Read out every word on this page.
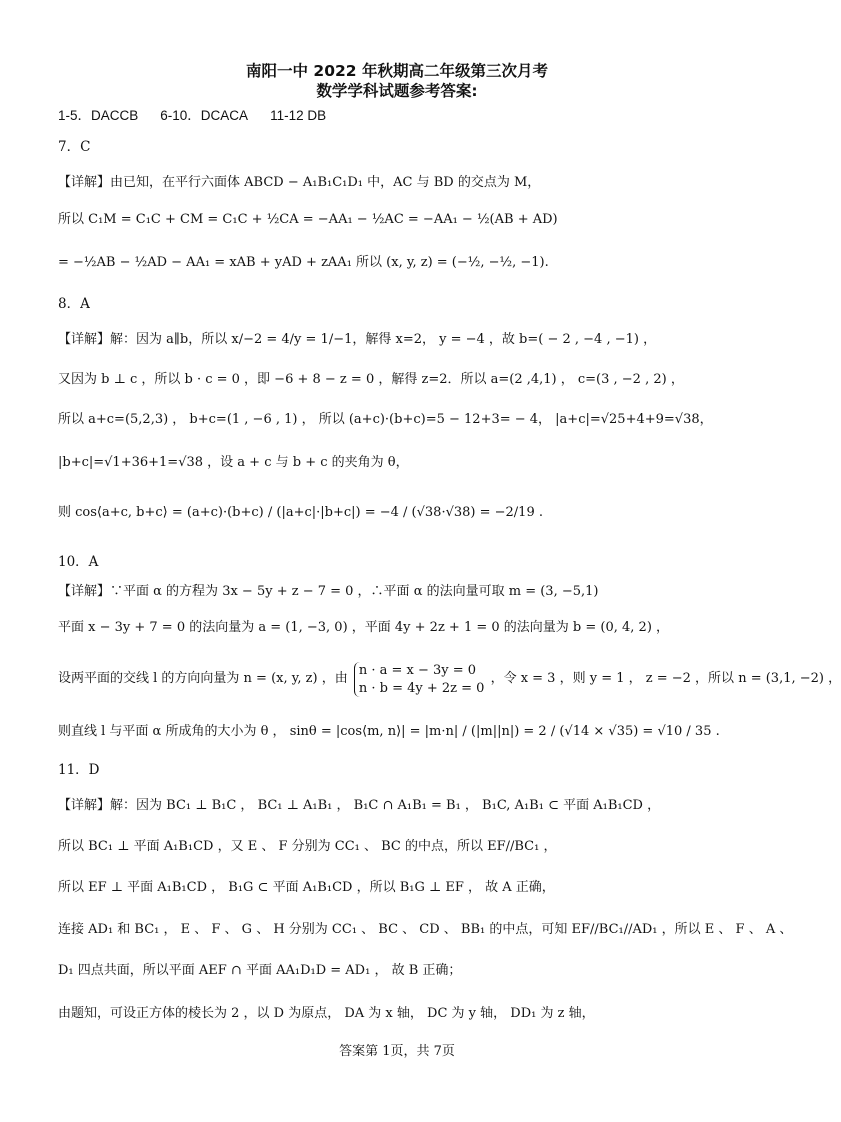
南阳一中 2022 年秋期高二年级第三次月考
数学学科试题参考答案:
1-5．DACCB 6-10．DCACA 11-12 DB
7．C
【详解】由已知，在平行六面体 ABCD − A₁B₁C₁D₁ 中，AC 与 BD 的交点为 M，
所以 C₁M = C₁C + CM = C₁C + ½CA = −AA₁ − ½AC = −AA₁ − ½(AB + AD)
= −½AB − ½AD − AA₁ = xAB + yAD + zAA₁ 所以 (x, y, z) = (−½, −½, −1).
8．A
【详解】解：因为 a∥b，所以 x/−2 = 4/y = 1/−1，解得 x=2， y = −4 ，故 b=( − 2 , −4 , −1) ，
又因为 b ⊥ c ，所以 b · c = 0 ，即 −6 + 8 − z = 0 ，解得 z=2．所以 a=(2 ,4,1) ， c=(3 , −2 , 2) ，
所以 a+c=(5,2,3) ， b+c=(1 , −6 , 1) ， 所以 (a+c)·(b+c)=5 − 12+3= − 4， |a+c|=√25+4+9=√38，
|b+c|=√1+36+1=√38 ，设 a + c 与 b + c 的夹角为 θ，
则 cos⟨a+c, b+c⟩ = (a+c)·(b+c) / (|a+c|·|b+c|) = −4 / (√38·√38) = −2/19 .
10．A
【详解】∵平面 α 的方程为 3x − 5y + z − 7 = 0 ，∴平面 α 的法向量可取 m = (3, −5,1)
平面 x − 3y + 7 = 0 的法向量为 a = (1, −3, 0) ，平面 4y + 2z + 1 = 0 的法向量为 b = (0, 4, 2) ，
设两平面的交线 l 的方向向量为 n = (x, y, z) ，由
n · a = x − 3y = 0
n · b = 4y + 2z = 0
，令 x = 3 ，则 y = 1 ， z = −2 ，所以 n = (3,1, −2) ，
则直线 l 与平面 α 所成角的大小为 θ ， sinθ = |cos⟨m, n⟩| = |m·n| / (|m||n|) = 2 / (√14 × √35) = √10 / 35 .
11．D
【详解】解：因为 BC₁ ⊥ B₁C ， BC₁ ⊥ A₁B₁ ， B₁C ∩ A₁B₁ = B₁ ， B₁C, A₁B₁ ⊂ 平面 A₁B₁CD ，
所以 BC₁ ⊥ 平面 A₁B₁CD ，又 E 、 F 分别为 CC₁ 、 BC 的中点，所以 EF//BC₁ ，
所以 EF ⊥ 平面 A₁B₁CD ， B₁G ⊂ 平面 A₁B₁CD ，所以 B₁G ⊥ EF ， 故 A 正确，
连接 AD₁ 和 BC₁ ， E 、 F 、 G 、 H 分别为 CC₁ 、 BC 、 CD 、 BB₁ 的中点，可知 EF//BC₁//AD₁ ，所以 E 、 F 、 A 、
D₁ 四点共面，所以平面 AEF ∩ 平面 AA₁D₁D = AD₁ ， 故 B 正确；
由题知，可设正方体的棱长为 2 ，以 D 为原点， DA 为 x 轴， DC 为 y 轴， DD₁ 为 z 轴，
答案第 1页，共 7页
